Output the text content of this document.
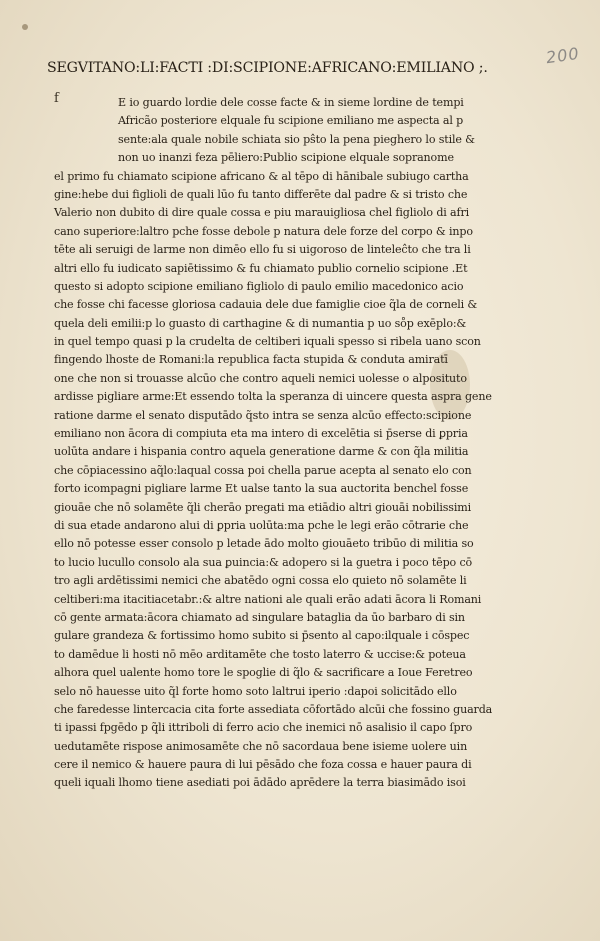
200
SEGVITANO:LI:FACTI :DI:SCIPIONE:AFRICANO:EMILIANO ;.
f	E io guardo lordie dele cosse facte & in sieme lordine de tempi
Africão posteriore elquale fu scipione emiliano me aspecta al p
sente:ala quale nobile schiata sio pŝto la pena pieghero lo stile &
non uo inanzi feza pēliero:Publio scipione elquale sopranome
el primo fu chiamato scipione africano & al tēpo di hānibale subiugo cartha
gine:hebe dui figlioli de quali lūo fu tanto differēte dal padre & si tristo che
Valerio non dubito di dire quale cossa e piu marauigliosa chel figliolo di afri
cano superiore:laltro pche fosse debole p natura dele forze del corpo & inpo
tēte ali seruigi de larme non dimēo ello fu si uigoroso de linteleĉto che tra li
altri ello fu iudicato sapiētissimo & fu chiamato publio cornelio scipione .Et
questo si adopto scipione emiliano figliolo di paulo emilio macedonico acio
che fosse chi facesse gloriosa cadauia dele due famiglie cioe q̃la de corneli &
quela deli emilii:p lo guasto di carthagine & di numantia p uo so̊p exēplo:&
in quel tempo quasi p la crudelta de celtiberi iquali spesso si ribela uano scon
fingendo lhoste de Romani:la republica facta stupida & conduta amiratī
one che non si trouasse alcūo che contro aqueli nemici uolesse o alposituto
ardisse pigliare arme:Et essendo tolta la speranza di uincere questa aspra gene
ratione darme el senato disputādo q̃sto intra se senza alcūo effecto:scipione
emiliano non ācora di compiuta eta ma intero di excelētia si p̄serse di ꝑpria
uolūta andare i hispania contro aquela generatione darme & con q̃la militia
che cōpiacessino aq̃lo:laqual cossa poi chella parue acepta al senato elo con
forto icompagni pigliare larme Et ualse tanto la sua auctorita benchel fosse
giouāe che nō solamēte q̃li cherāo pregati ma etiādio altri giouāi nobilissimi
di sua etade andarono alui di ꝑpria uolūta:ma pche le legi erāo cōtrarie che
ello nō potesse esser consolo p letade ādo molto giouāeto tribūo di militia so
to lucio lucullo consolo ala sua ꝑuincia:& adopero si la guetra i poco tēpo cō
tro agli ardētissimi nemici che abatēdo ogni cossa elo quieto nō solamēte li
celtiberi:ma itacitiacetabr.:& altre nationi ale quali erāo adati ācora li Romani
cō gente armata:ācora chiamato ad singulare bataglia da ūo barbaro di sin
gulare grandeza & fortissimo homo subito si p̄sento al capo:ilquale i cōspec
to damēdue li hosti nō mēo arditamēte che tosto laterro & uccise:& poteua
alhora quel ualente homo tore le spoglie di q̃lo & sacrificare a Ioue Feretreo
selo nō hauesse uito q̃l forte homo soto laltrui iperio :dapoi solicitādo ello
che faredesse lintercacia cita forte assediata cōfortādo alcūi che fossino guarda
ti ipassi fpgēdo p q̃li ittriboli di ferro acio che inemici nō asalisio il capo ſpro
uedutamēte rispose animosamēte che nō sacordaua bene isieme uolere uin
cere il nemico & hauere paura di lui pēsādo che foza cossa e hauer paura di
queli iquali lhomo tiene asediati poi ādādo aprēdere la terra biasimādo isoi
